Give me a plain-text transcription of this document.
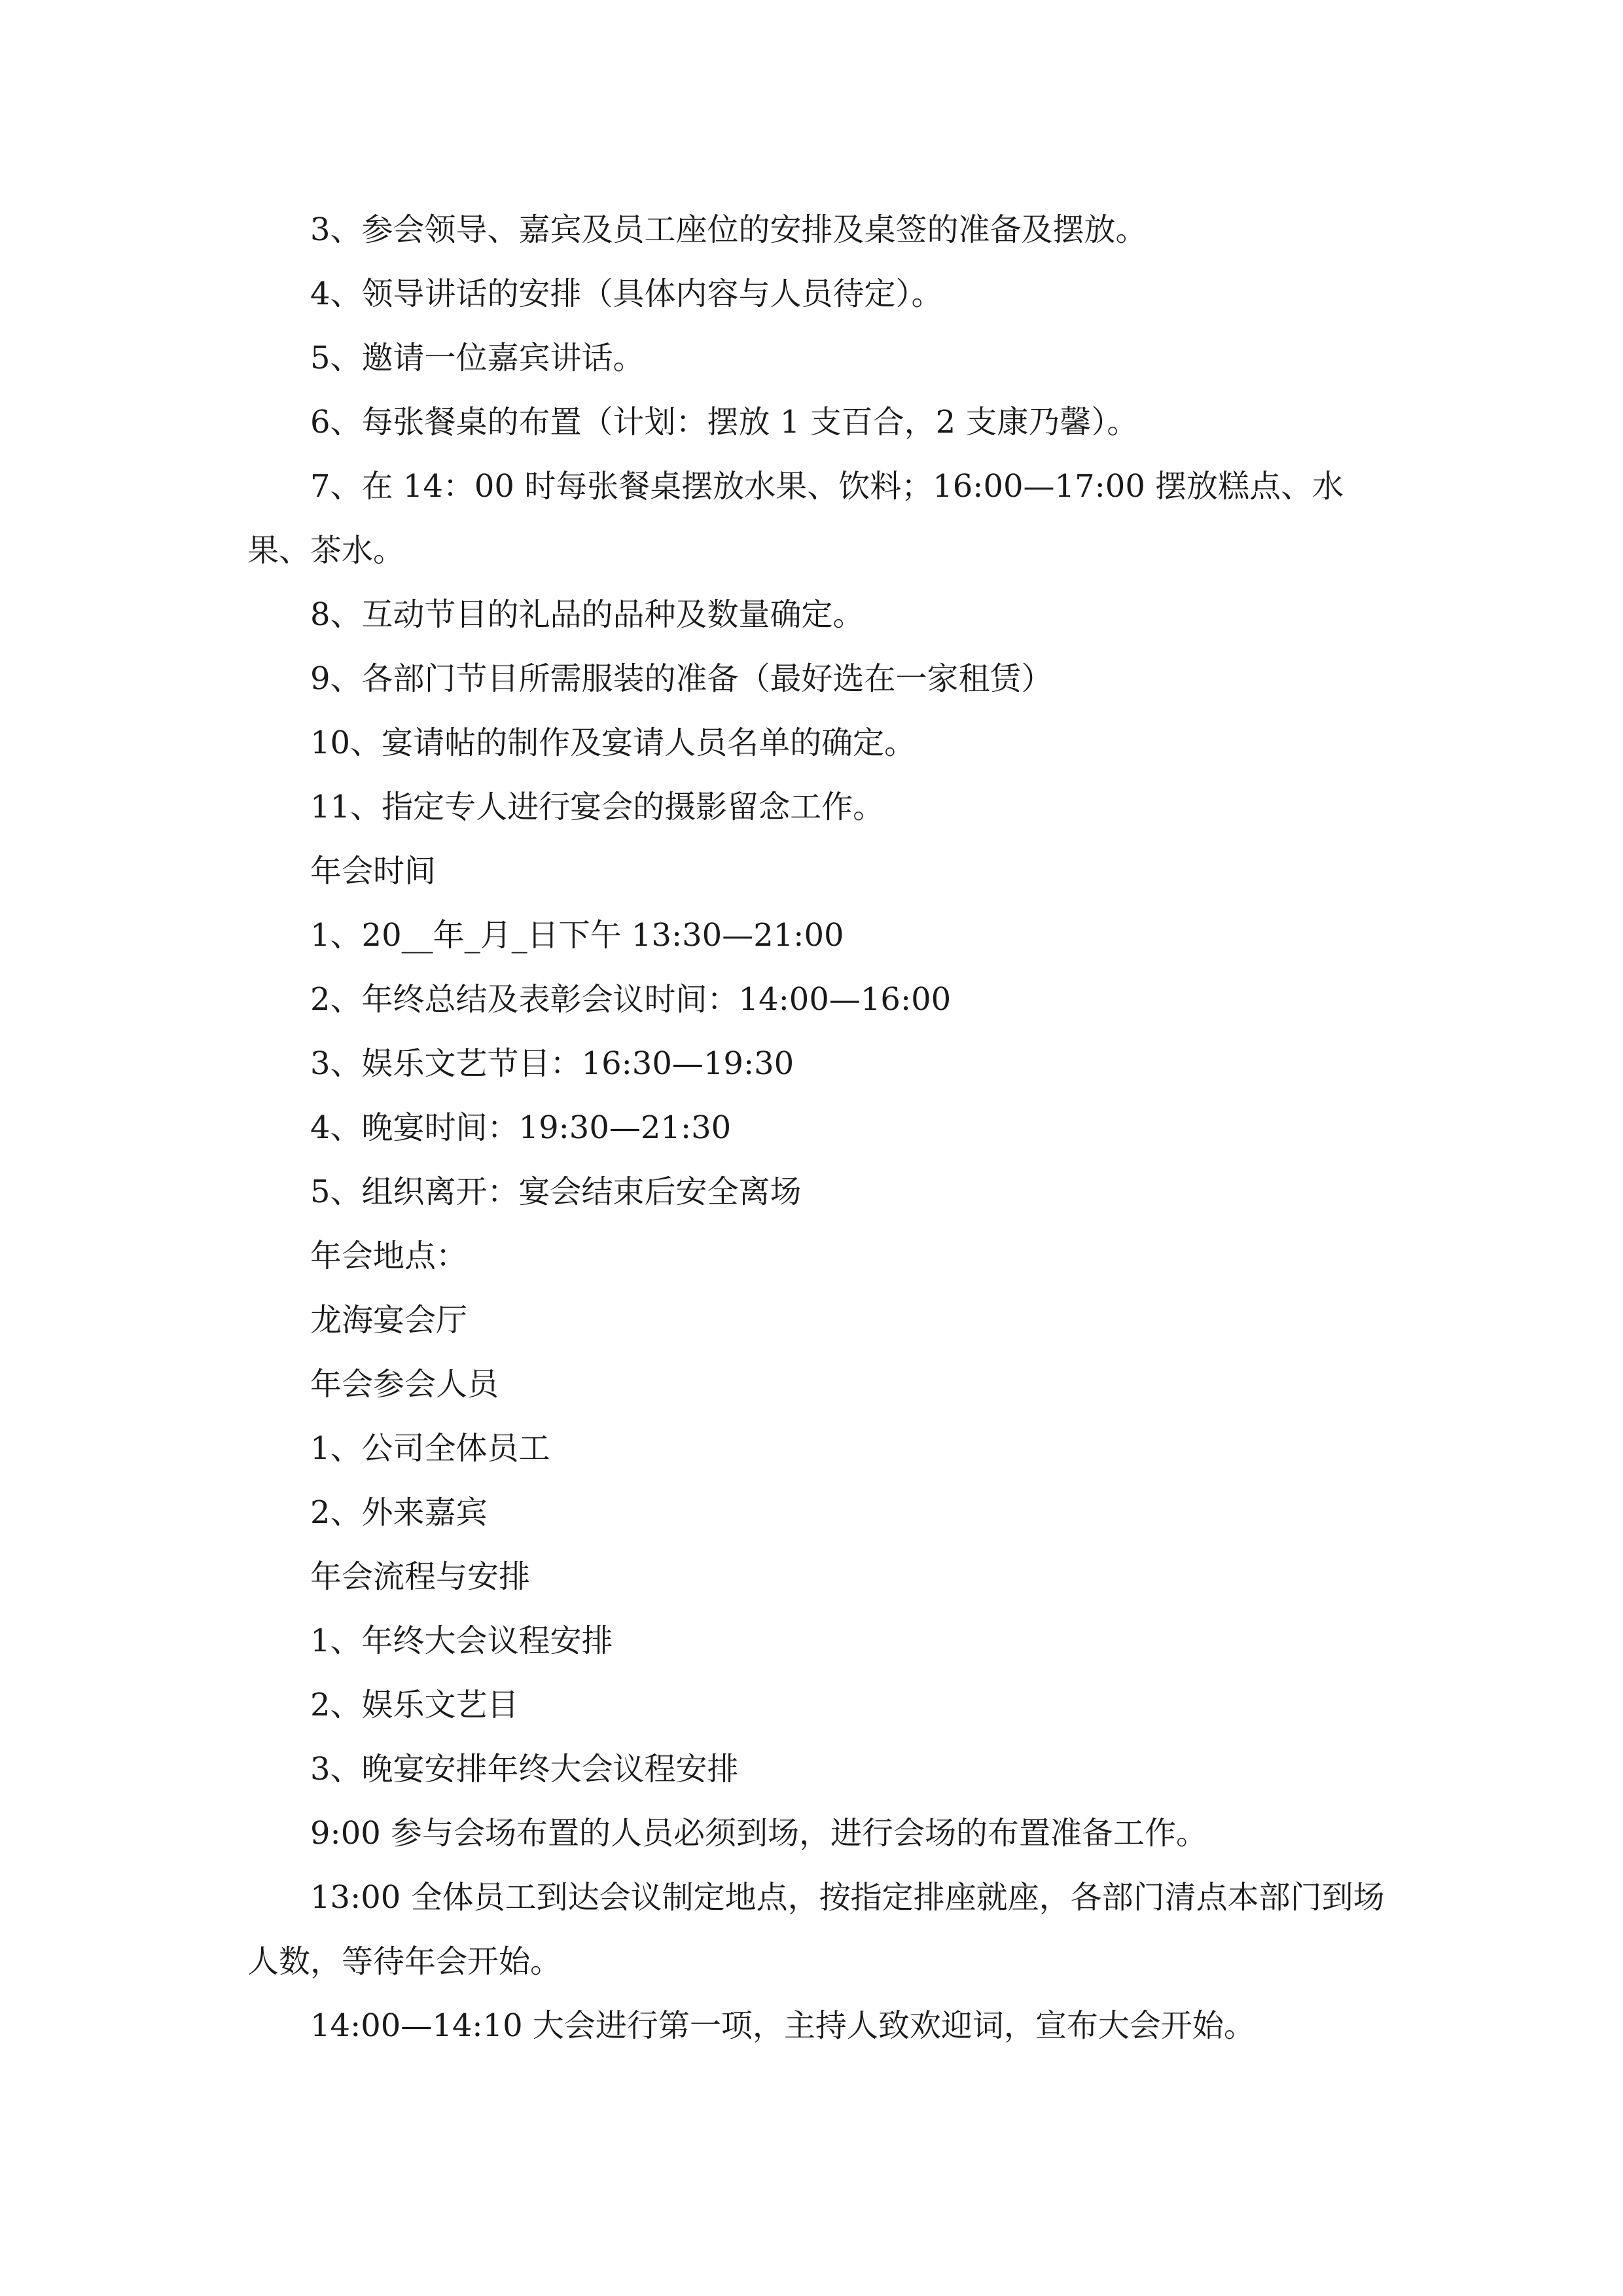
3、参会领导、嘉宾及员工座位的安排及桌签的准备及摆放。

4、领导讲话的安排（具体内容与人员待定）。

5、邀请一位嘉宾讲话。

6、每张餐桌的布置（计划：摆放 1 支百合，2 支康乃馨）。

7、在 14：00 时每张餐桌摆放水果、饮料；16:00—17:00 摆放糕点、水果、茶水。

8、互动节目的礼品的品种及数量确定。

9、各部门节目所需服装的准备（最好选在一家租赁）

10、宴请帖的制作及宴请人员名单的确定。

11、指定专人进行宴会的摄影留念工作。

年会时间

1、20__年_月_日下午 13:30—21:00

2、年终总结及表彰会议时间：14:00—16:00

3、娱乐文艺节目：16:30—19:30

4、晚宴时间：19:30—21:30

5、组织离开：宴会结束后安全离场

年会地点：

龙海宴会厅

年会参会人员

1、公司全体员工

2、外来嘉宾

年会流程与安排

1、年终大会议程安排

2、娱乐文艺目

3、晚宴安排年终大会议程安排

9:00 参与会场布置的人员必须到场，进行会场的布置准备工作。

13:00 全体员工到达会议制定地点，按指定排座就座，各部门清点本部门到场人数，等待年会开始。

14:00—14:10 大会进行第一项，主持人致欢迎词，宣布大会开始。
